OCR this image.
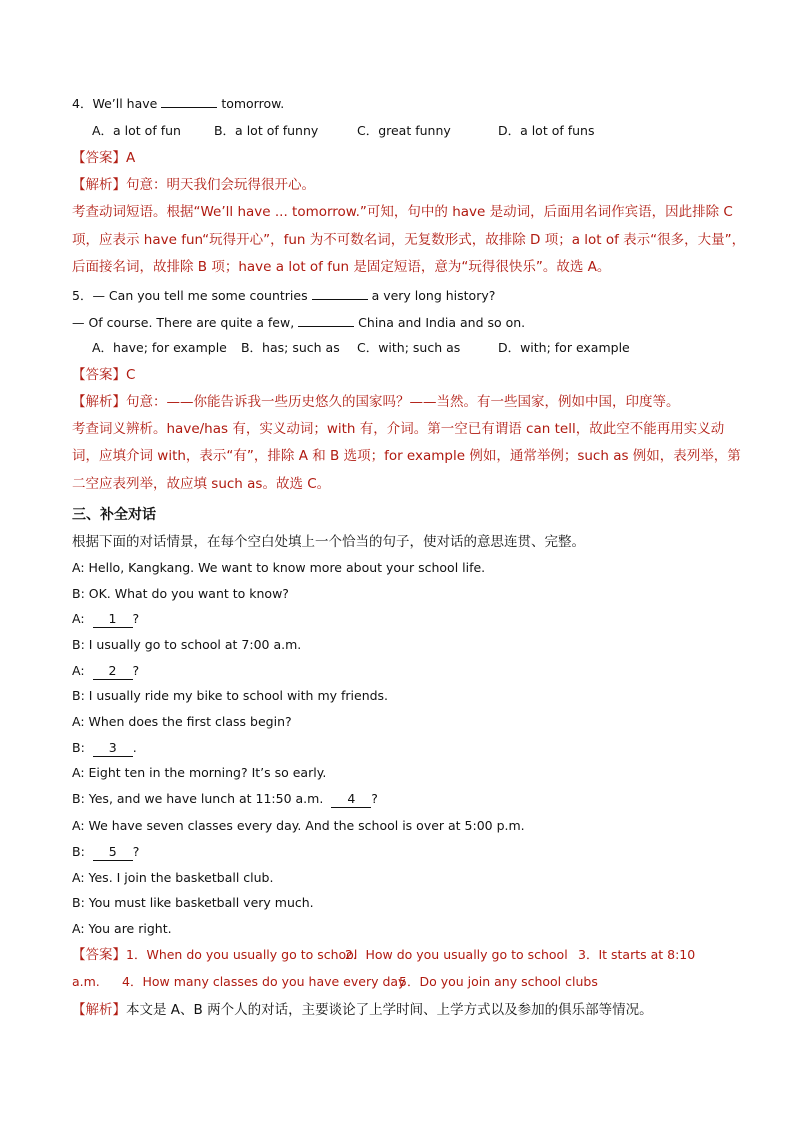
4．We’ll have	tomorrow.
A．a lot of fun	B．a lot of funny	C．great funny	D．a lot of funs
【答案】A
【解析】句意：明天我们会玩得很开心。
考查动词短语。根据“We’ll have ... tomorrow.”可知，句中的 have 是动词，后面用名词作宾语，因此排除 C
项，应表示 have fun“玩得开心”，fun 为不可数名词，无复数形式，故排除 D 项；a lot of 表示“很多，大量”，
后面接名词，故排除 B 项；have a lot of fun 是固定短语，意为“玩得很快乐”。故选 A。
5．— Can you tell me some countries	a very long history?
— Of course. There are quite a few,	China and India and so on.
A．have; for example B．has; such as C．with; such as	D．with; for example
【答案】C
【解析】句意：——你能告诉我一些历史悠久的国家吗？——当然。有一些国家，例如中国，印度等。
考查词义辨析。have/has 有，实义动词；with 有，介词。第一空已有谓语 can tell，故此空不能再用实义动
词，应填介词 with，表示“有”，排除 A 和 B 选项；for example 例如，通常举例；such as 例如，表列举，第
二空应表列举，故应填 such as。故选 C。
三、补全对话
根据下面的对话情景，在每个空白处填上一个恰当的句子，使对话的意思连贯、完整。
A: Hello, Kangkang. We want to know more about your school life.
B: OK. What do you want to know?
A: 1 ?
B: I usually go to school at 7:00 a.m.
A: 2 ?
B: I usually ride my bike to school with my friends.
A: When does the first class begin?
B: 3 .
A: Eight ten in the morning? It’s so early.
B: Yes, and we have lunch at 11:50 a.m. 4 ?
A: We have seven classes every day. And the school is over at 5:00 p.m.
B: 5 ?
A: Yes. I join the basketball club.
B: You must like basketball very much.
A: You are right.
【答案】1．When do you usually go to school2．How do you usually go to school 3．It starts at 8:10
a.m. 4．How many classes do you have every day5．Do you join any school clubs
【解析】本文是 A、B 两个人的对话，主要谈论了上学时间、上学方式以及参加的俱乐部等情况。
